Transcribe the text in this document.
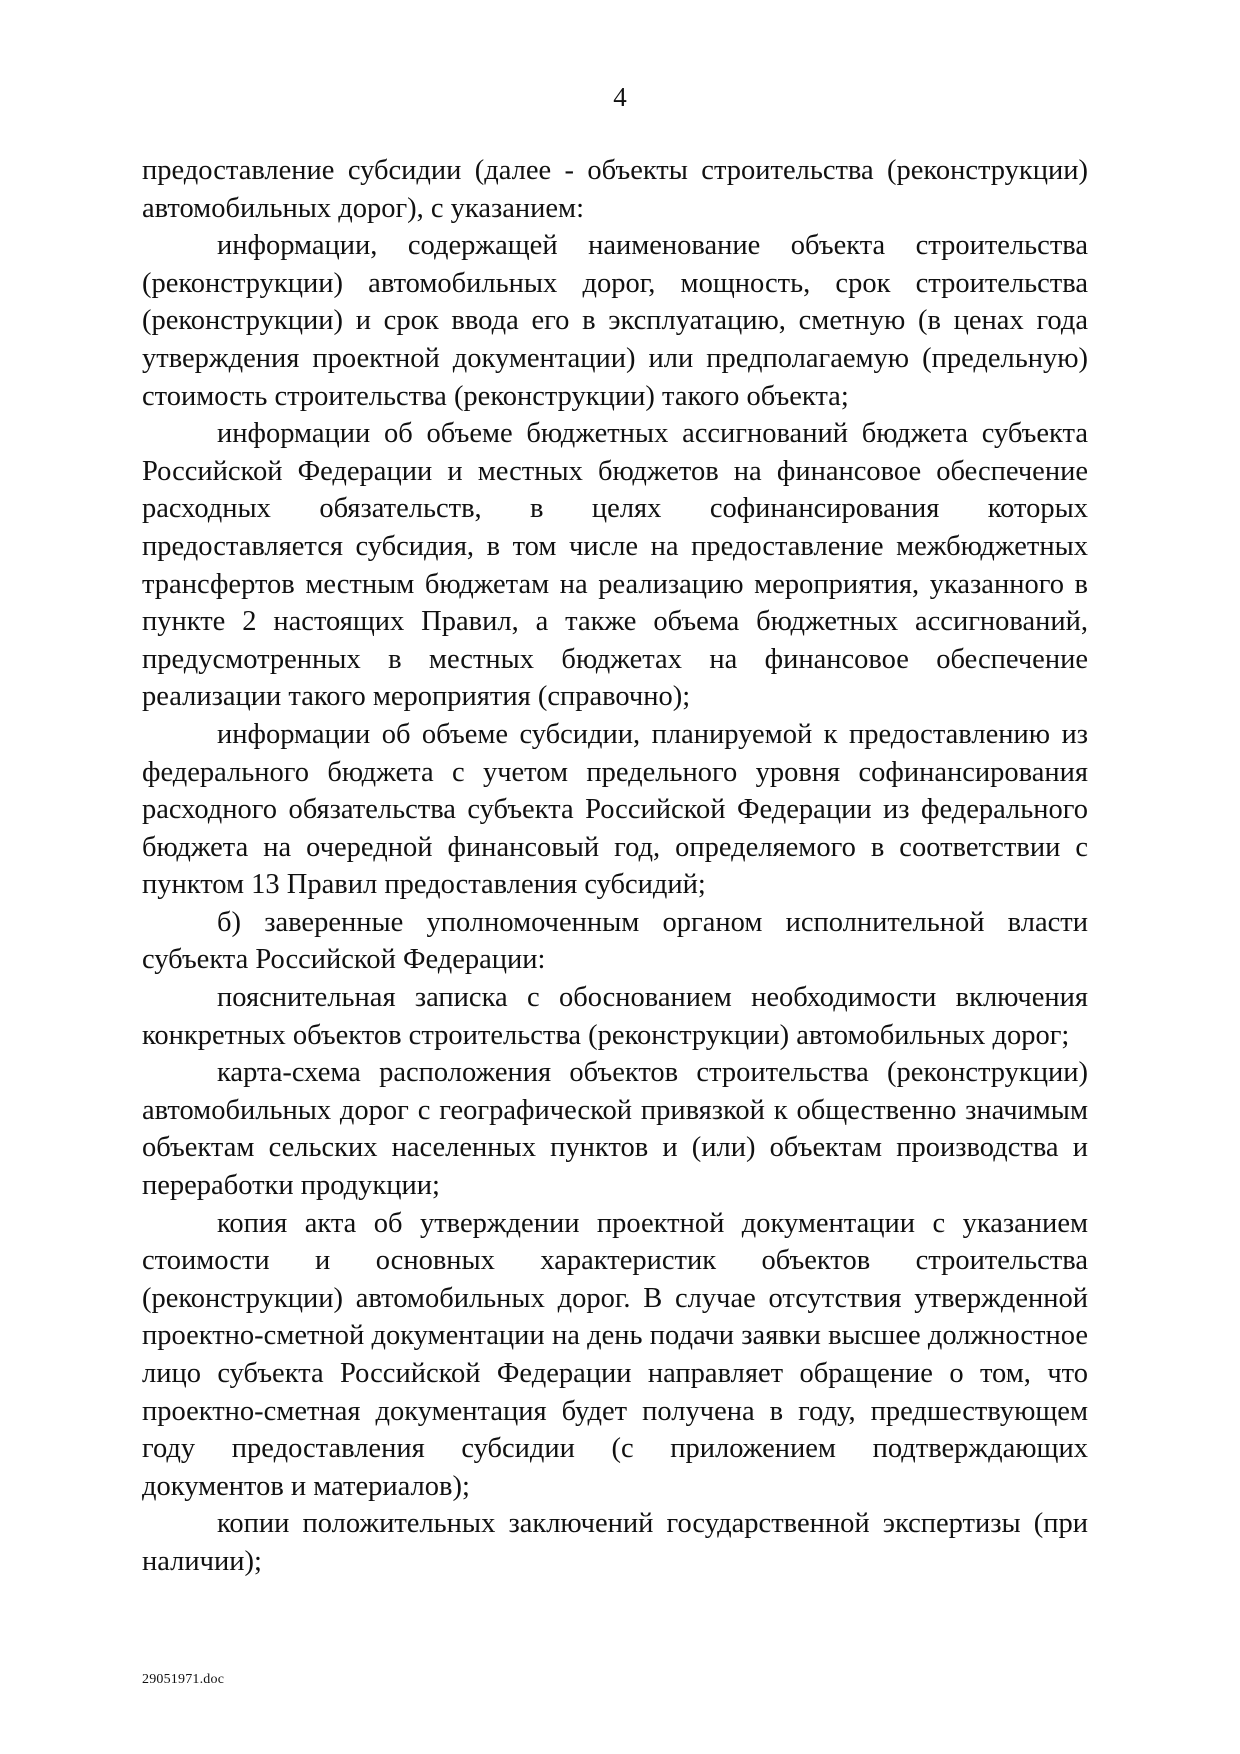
4

предоставление субсидии (далее - объекты строительства (реконструкции) автомобильных дорог), с указанием:

информации, содержащей наименование объекта строительства (реконструкции) автомобильных дорог, мощность, срок строительства (реконструкции) и срок ввода его в эксплуатацию, сметную (в ценах года утверждения проектной документации) или предполагаемую (предельную) стоимость строительства (реконструкции) такого объекта;

информации об объеме бюджетных ассигнований бюджета субъекта Российской Федерации и местных бюджетов на финансовое обеспечение расходных обязательств, в целях софинансирования которых предоставляется субсидия, в том числе на предоставление межбюджетных трансфертов местным бюджетам на реализацию мероприятия, указанного в пункте 2 настоящих Правил, а также объема бюджетных ассигнований, предусмотренных в местных бюджетах на финансовое обеспечение реализации такого мероприятия (справочно);

информации об объеме субсидии, планируемой к предоставлению из федерального бюджета с учетом предельного уровня софинансирования расходного обязательства субъекта Российской Федерации из федерального бюджета на очередной финансовый год, определяемого в соответствии с пунктом 13 Правил предоставления субсидий;

б) заверенные уполномоченным органом исполнительной власти субъекта Российской Федерации:

пояснительная записка с обоснованием необходимости включения конкретных объектов строительства (реконструкции) автомобильных дорог;

карта-схема расположения объектов строительства (реконструкции) автомобильных дорог с географической привязкой к общественно значимым объектам сельских населенных пунктов и (или) объектам производства и переработки продукции;

копия акта об утверждении проектной документации с указанием стоимости и основных характеристик объектов строительства (реконструкции) автомобильных дорог. В случае отсутствия утвержденной проектно-сметной документации на день подачи заявки высшее должностное лицо субъекта Российской Федерации направляет обращение о том, что проектно-сметная документация будет получена в году, предшествующем году предоставления субсидии (с приложением подтверждающих документов и материалов);

копии положительных заключений государственной экспертизы (при наличии);

29051971.doc
